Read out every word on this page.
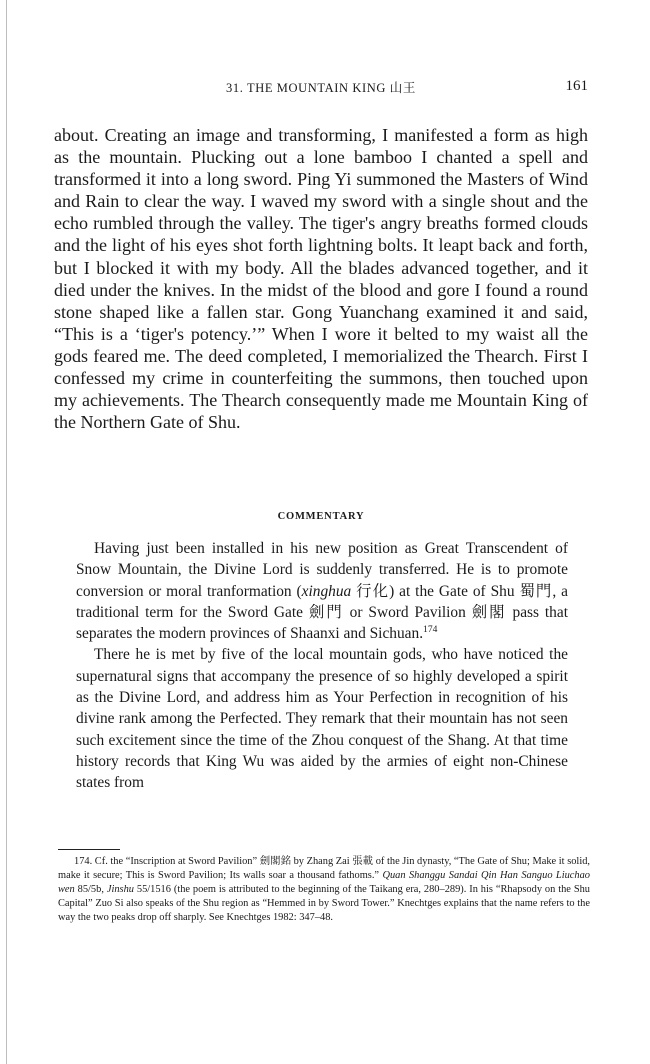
31. THE MOUNTAIN KING 山王	161

about. Creating an image and transforming, I manifested a form as high as the mountain. Plucking out a lone bamboo I chanted a spell and transformed it into a long sword. Ping Yi summoned the Masters of Wind and Rain to clear the way. I waved my sword with a single shout and the echo rumbled through the valley. The tiger's angry breaths formed clouds and the light of his eyes shot forth lightning bolts. It leapt back and forth, but I blocked it with my body. All the blades advanced together, and it died under the knives. In the midst of the blood and gore I found a round stone shaped like a fallen star. Gong Yuanchang examined it and said, “This is a ‘tiger's potency.’” When I wore it belted to my waist all the gods feared me. The deed completed, I memorialized the Thearch. First I confessed my crime in counterfeiting the summons, then touched upon my achievements. The Thearch consequently made me Mountain King of the Northern Gate of Shu.

COMMENTARY

Having just been installed in his new position as Great Transcendent of Snow Mountain, the Divine Lord is suddenly transferred. He is to promote conversion or moral tranformation (xinghua 行化) at the Gate of Shu 蜀門, a traditional term for the Sword Gate 劍門 or Sword Pavilion 劍閣 pass that separates the modern provinces of Shaanxi and Sichuan.$^{174}$

There he is met by five of the local mountain gods, who have noticed the supernatural signs that accompany the presence of so highly developed a spirit as the Divine Lord, and address him as Your Perfection in recognition of his divine rank among the Perfected. They remark that their mountain has not seen such excitement since the time of the Zhou conquest of the Shang. At that time history records that King Wu was aided by the armies of eight non-Chinese states from

174. Cf. the “Inscription at Sword Pavilion” 劍閣銘 by Zhang Zai 張載 of the Jin dynasty, “The Gate of Shu; Make it solid, make it secure; This is Sword Pavilion; Its walls soar a thousand fathoms.” Quan Shanggu Sandai Qin Han Sanguo Liuchao wen 85/5b, Jinshu 55/1516 (the poem is attributed to the beginning of the Taikang era, 280–289). In his “Rhapsody on the Shu Capital” Zuo Si also speaks of the Shu region as “Hemmed in by Sword Tower.” Knechtges explains that the name refers to the way the two peaks drop off sharply. See Knechtges 1982: 347–48.
